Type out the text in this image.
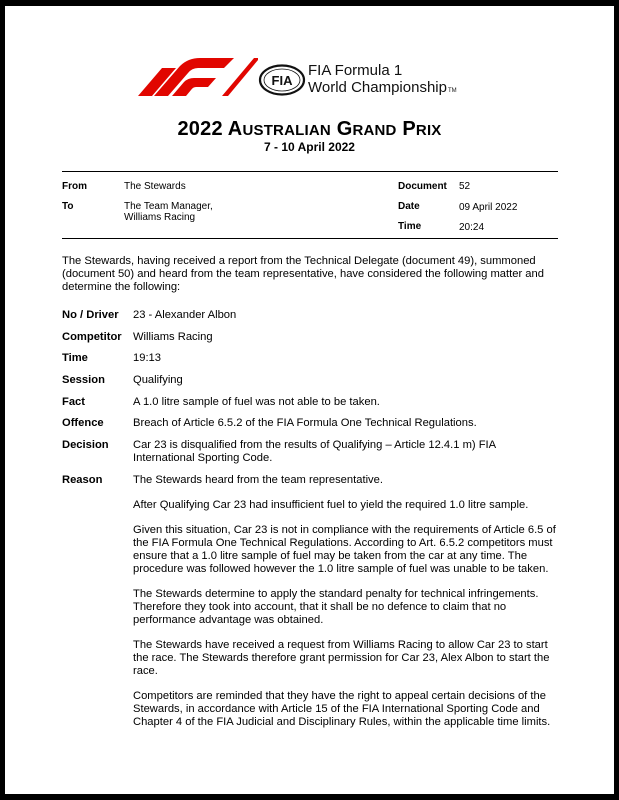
FIA
FIA Formula 1
World ChampionshipTM
2022 AUSTRALIAN GRAND PRIX
7 - 10 April 2022
From	The Stewards
To	The Team Manager,
Williams Racing
Document 52
Date	09 April 2022
Time	20:24
The Stewards, having received a report from the Technical Delegate (document 49), summoned (document 50) and heard from the team representative, have considered the following matter and determine the following:
No / Driver 23 - Alexander Albon
Competitor Williams Racing
Time	19:13
Session	Qualifying
Fact	A 1.0 litre sample of fuel was not able to be taken.
Offence	Breach of Article 6.5.2 of the FIA Formula One Technical Regulations.
Decision Car 23 is disqualified from the results of Qualifying – Article 12.4.1 m) FIA International Sporting Code.
Reason	The Stewards heard from the team representative.

After Qualifying Car 23 had insufficient fuel to yield the required 1.0 litre sample.

Given this situation, Car 23 is not in compliance with the requirements of Article 6.5 of the FIA Formula One Technical Regulations. According to Art. 6.5.2 competitors must ensure that a 1.0 litre sample of fuel may be taken from the car at any time. The procedure was followed however the 1.0 litre sample of fuel was unable to be taken.

The Stewards determine to apply the standard penalty for technical infringements. Therefore they took into account, that it shall be no defence to claim that no performance advantage was obtained.

The Stewards have received a request from Williams Racing to allow Car 23 to start the race. The Stewards therefore grant permission for Car 23, Alex Albon to start the race.

Competitors are reminded that they have the right to appeal certain decisions of the Stewards, in accordance with Article 15 of the FIA International Sporting Code and Chapter 4 of the FIA Judicial and Disciplinary Rules, within the applicable time limits.
